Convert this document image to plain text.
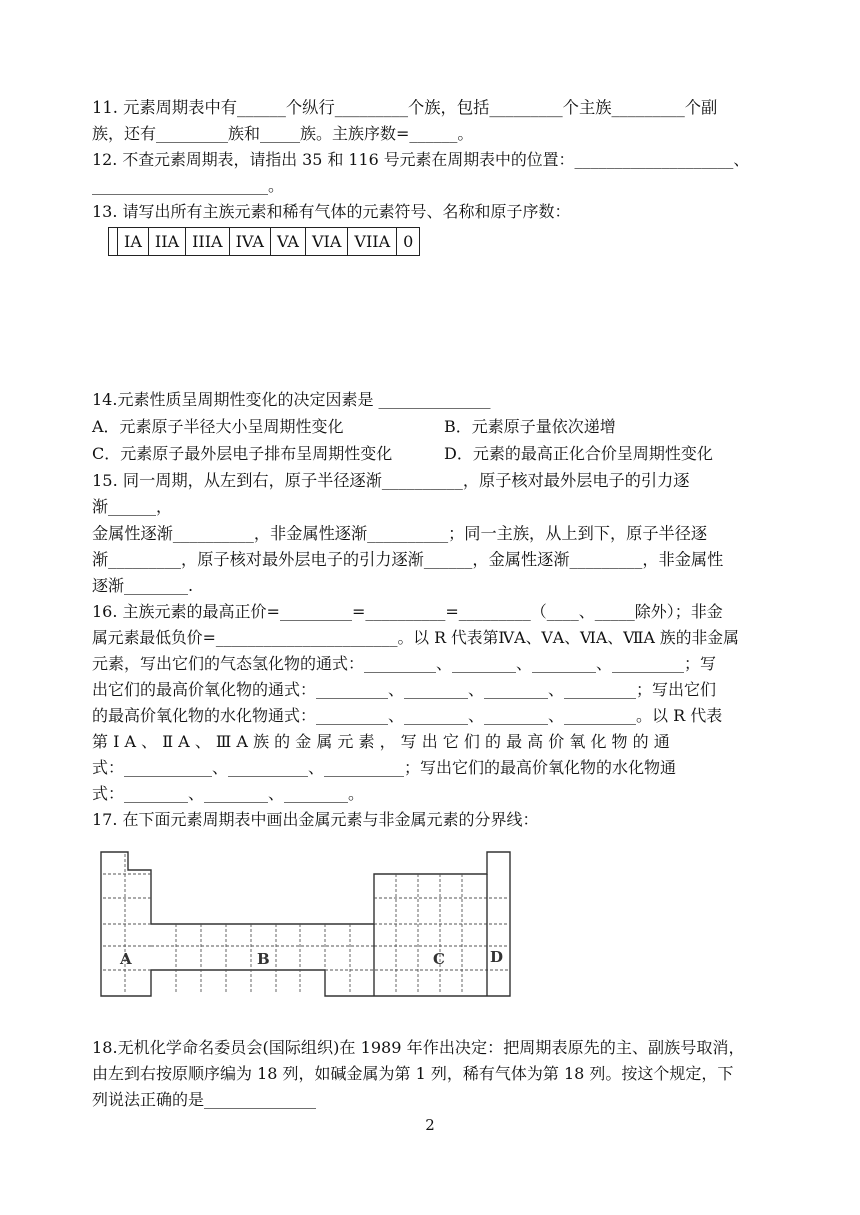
11. 元素周期表中有______个纵行_________个族，包括_________个主族_________个副
族，还有_________族和_____族。主族序数=______。
12. 不查元素周期表，请指出 35 和 116 号元素在周期表中的位置：____________________、
______________________。
13. 请写出所有主族元素和稀有气体的元素符号、名称和原子序数：
	IA	IIA	IIIA	IVA	VA	VIA	VIIA	0
14.元素性质呈周期性变化的决定因素是 ______________
A．元素原子半径大小呈周期性变化	B．元素原子量依次递增
C．元素原子最外层电子排布呈周期性变化	D．元素的最高正化合价呈周期性变化
15. 同一周期，从左到右，原子半径逐渐__________，原子核对最外层电子的引力逐
渐______，
金属性逐渐__________，非金属性逐渐__________；同一主族，从上到下，原子半径逐
渐_________，原子核对最外层电子的引力逐渐______，金属性逐渐_________，非金属性
逐渐________.
16. 主族元素的最高正价=_________=__________=_________（____、_____除外）；非金
属元素最低负价=_______________________。以 R 代表第ⅣA、ⅤA、ⅥA、ⅦA 族的非金属
元素，写出它们的气态氢化物的通式：_________、________、________、_________；写
出它们的最高价氧化物的通式：_________、________、________、_________；写出它们
的最高价氧化物的水化物通式：_________、________、________、_________。以 R 代表
第 Ⅰ A 、 Ⅱ A 、 Ⅲ A 族 的 金 属 元 素 ， 写 出 它 们 的 最 高 价 氧 化 物 的 通
式：___________、__________、__________；写出它们的最高价氧化物的水化物通
式：________、________、________。
17. 在下面元素周期表中画出金属元素与非金属元素的分界线：
A	B	C	D
18.无机化学命名委员会(国际组织)在 1989 年作出决定：把周期表原先的主、副族号取消，
由左到右按原顺序编为 18 列，如碱金属为第 1 列，稀有气体为第 18 列。按这个规定，下
列说法正确的是______________
2
